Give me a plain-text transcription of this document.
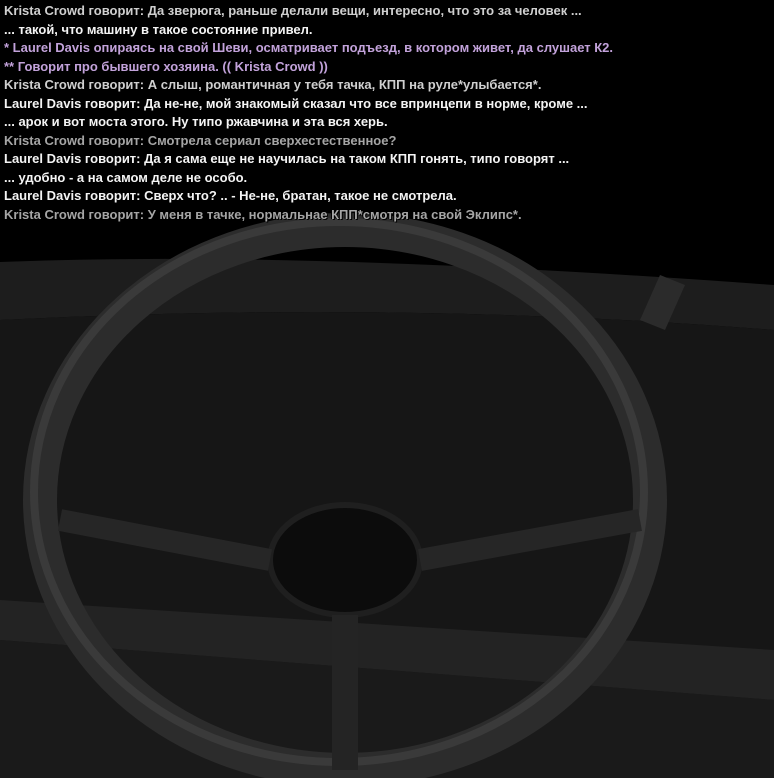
Krista Crowd говорит: Да зверюга, раньше делали вещи, интересно, что это за человек ...
... такой, что машину в такое состояние привел.
* Laurel Davis опираясь на свой Шеви, осматривает подъезд, в котором живет, да слушает К2.
** Говорит про бывшего хозяина. (( Krista Crowd ))
Krista Crowd говорит: А слыш, романтичная у тебя тачка, КПП на руле*улыбается*.
Laurel Davis говорит: Да не-не, мой знакомый сказал что все впринцепи в норме, кроме ...
... арок и вот моста этого. Ну типо ржавчина и эта вся херь.
Krista Crowd говорит: Смотрела сериал сверхестественное?
Laurel Davis говорит: Да я сама еще не научилась на таком КПП гонять, типо говорят ...
... удобно - а на самом деле не особо.
Laurel Davis говорит: Сверх что? .. - Не-не, братан, такое не смотрела.
Krista Crowd говорит: У меня в тачке, нормальнае КПП*смотря на свой Эклипс*.
